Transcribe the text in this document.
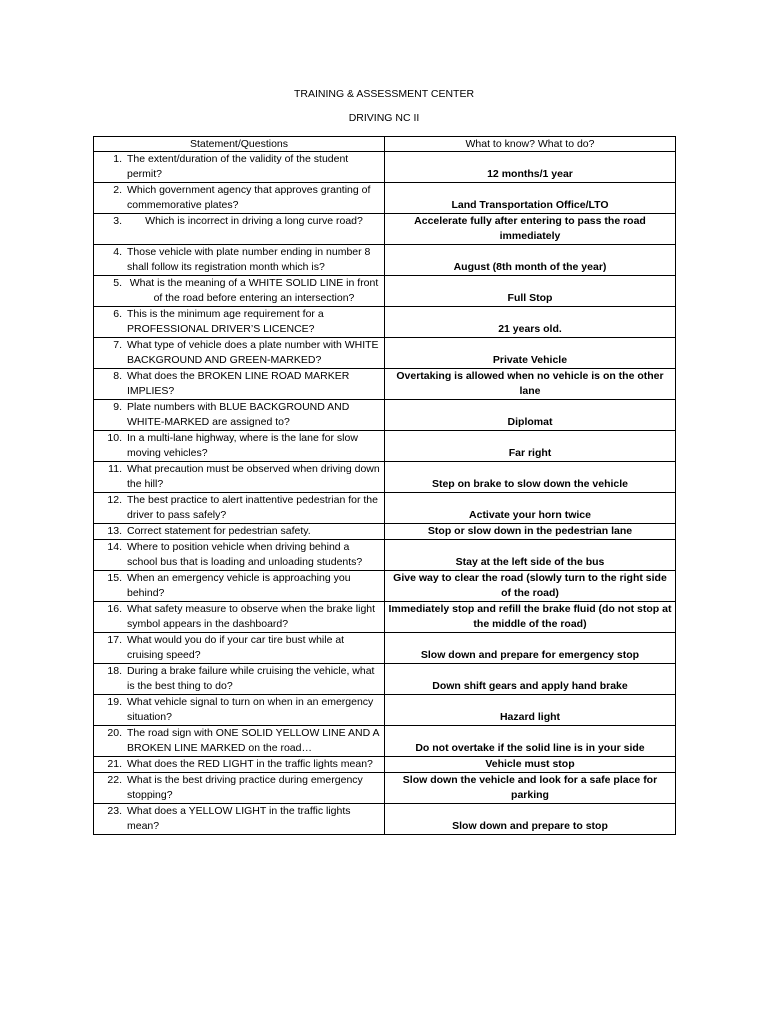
TRAINING & ASSESSMENT CENTER
DRIVING NC II
Statement/Questions	What to know? What to do?

1. The extent/duration of the validity of the student permit?	12 months/1 year

2. Which government agency that approves granting of commemorative plates?	Land Transportation Office/LTO

3. Which is incorrect in driving a long curve road?	Accelerate fully after entering to pass the road immediately

4. Those vehicle with plate number ending in number 8 shall follow its registration month which is?	August (8th month of the year)

5. What is the meaning of a WHITE SOLID LINE in front of the road before entering an intersection?	Full Stop

6. This is the minimum age requirement for a PROFESSIONAL DRIVER’S LICENCE?	21 years old.

7. What type of vehicle does a plate number with WHITE BACKGROUND AND GREEN-MARKED?	Private Vehicle

8. What does the BROKEN LINE ROAD MARKER IMPLIES?	Overtaking is allowed when no vehicle is on the other lane

9. Plate numbers with BLUE BACKGROUND AND WHITE-MARKED are assigned to?	Diplomat

10. In a multi-lane highway, where is the lane for slow moving vehicles?	Far right

11. What precaution must be observed when driving down the hill?	Step on brake to slow down the vehicle

12. The best practice to alert inattentive pedestrian for the driver to pass safely?	Activate your horn twice

13. Correct statement for pedestrian safety.	Stop or slow down in the pedestrian lane

14. Where to position vehicle when driving behind a school bus that is loading and unloading students?	Stay at the left side of the bus

15. When an emergency vehicle is approaching you behind?	Give way to clear the road (slowly turn to the right side of the road)

16. What safety measure to observe when the brake light symbol appears in the dashboard?	Immediately stop and refill the brake fluid (do not stop at the middle of the road)

17. What would you do if your car tire bust while at cruising speed?	Slow down and prepare for emergency stop

18. During a brake failure while cruising the vehicle, what is the best thing to do?	Down shift gears and apply hand brake

19. What vehicle signal to turn on when in an emergency situation?	Hazard light

20. The road sign with ONE SOLID YELLOW LINE AND A BROKEN LINE MARKED on the road…	Do not overtake if the solid line is in your side

21. What does the RED LIGHT in the traffic lights mean?	Vehicle must stop

22. What is the best driving practice during emergency stopping?	Slow down the vehicle and look for a safe place for parking

23. What does a YELLOW LIGHT in the traffic lights mean?	Slow down and prepare to stop
